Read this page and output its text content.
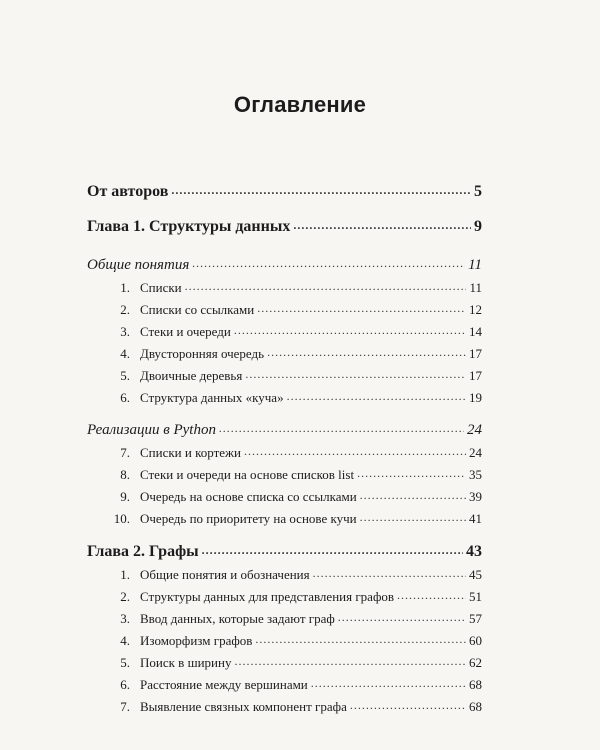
Оглавление
От авторов .....	5
Глава 1. Структуры данных .....	9
Общие понятия .....	11
1. Списки .....	11
2. Списки со ссылками .....	12
3. Стеки и очереди .....	14
4. Двусторонняя очередь .....	17
5. Двоичные деревья .....	17
6. Структура данных «куча» .....	19
Реализации в Python .....	24
7. Списки и кортежи .....	24
8. Стеки и очереди на основе списков list .....	35
9. Очередь на основе списка со ссылками .....	39
10. Очередь по приоритету на основе кучи .....	41
Глава 2. Графы .....	43
1. Общие понятия и обозначения .....	45
2. Структуры данных для представления графов .....	51
3. Ввод данных, которые задают граф .....	57
4. Изоморфизм графов .....	60
5. Поиск в ширину .....	62
6. Расстояние между вершинами .....	68
7. Выявление связных компонент графа .....	68
